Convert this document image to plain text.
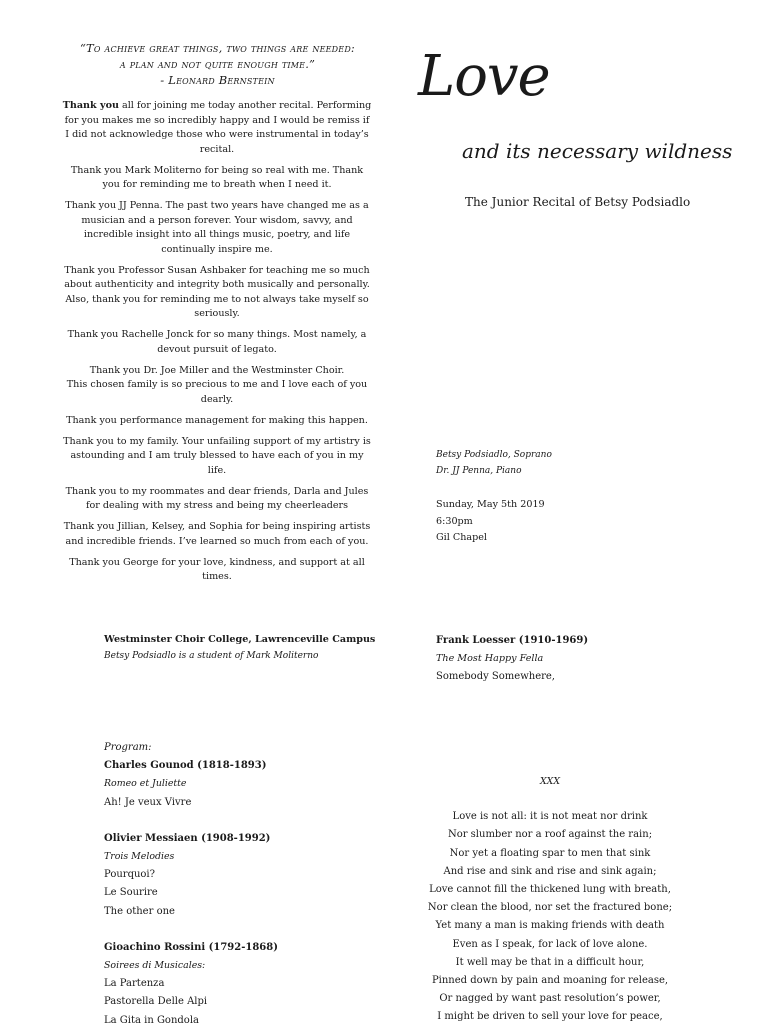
“To achieve great things, two things are needed:
a plan and not quite enough time.”
- Leonard Bernstein

Thank you all for joining me today another recital. Performing for you makes me so incredibly happy and I would be remiss if I did not acknowledge those who were instrumental in today’s recital.

Thank you Mark Moliterno for being so real with me. Thank you for reminding me to breath when I need it.

Thank you JJ Penna. The past two years have changed me as a musician and a person forever. Your wisdom, savvy, and incredible insight into all things music, poetry, and life continually inspire me.

Thank you Professor Susan Ashbaker for teaching me so much about authenticity and integrity both musically and personally. Also, thank you for reminding me to not always take myself so seriously.

Thank you Rachelle Jonck for so many things. Most namely, a devout pursuit of legato.

Thank you Dr. Joe Miller and the Westminster Choir.
This chosen family is so precious to me and I love each of you dearly.

Thank you performance management for making this happen.

Thank you to my family. Your unfailing support of my artistry is astounding and I am truly blessed to have each of you in my life.

Thank you to my roommates and dear friends, Darla and Jules for dealing with my stress and being my cheerleaders

Thank you Jillian, Kelsey, and Sophia for being inspiring artists and incredible friends. I’ve learned so much from each of you.

Thank you George for your love, kindness, and support at all times.

Love
and its necessary wildness
The Junior Recital of Betsy Podsiadlo
Betsy Podsiadlo, Soprano
Dr. JJ Penna, Piano
Sunday, May 5th 2019
6:30pm
Gil Chapel
Westminster Choir College, Lawrenceville Campus
Betsy Podsiadlo is a student of Mark Moliterno
Program:
Charles Gounod (1818-1893)
Romeo et Juliette
Ah! Je veux Vivre
Olivier Messiaen (1908-1992)
Trois Melodies
Pourquoi?
Le Sourire
The other one
Gioachino Rossini (1792-1868)
Soirees di Musicales:
La Partenza
Pastorella Delle Alpi
La Gita in Gondola
Frank Loesser (1910-1969)
The Most Happy Fella
Somebody Somewhere,
XXX
Love is not all: it is not meat nor drink
Nor slumber nor a roof against the rain;
Nor yet a floating spar to men that sink
And rise and sink and rise and sink again;
Love cannot fill the thickened lung with breath,
Nor clean the blood, nor set the fractured bone;
Yet many a man is making friends with death
Even as I speak, for lack of love alone.
It well may be that in a difficult hour,
Pinned down by pain and moaning for release,
Or nagged by want past resolution’s power,
I might be driven to sell your love for peace,
